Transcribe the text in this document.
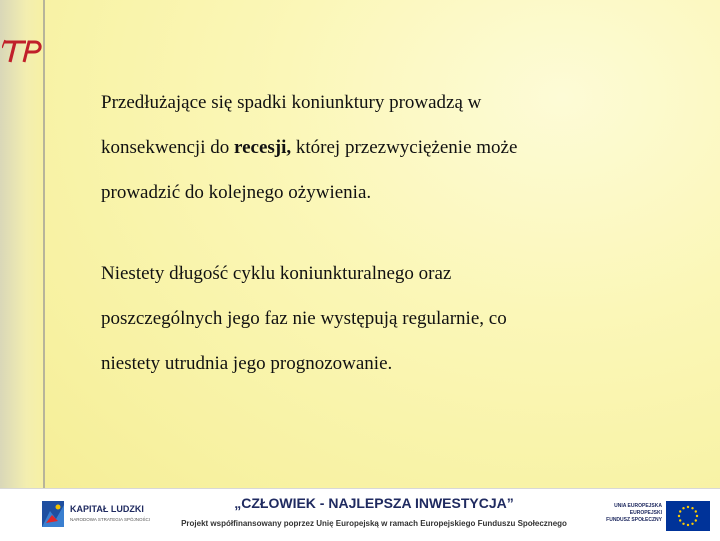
Przedłużające się spadki koniunktury prowadzą w

konsekwencji do recesji, której przezwyciężenie może

prowadzić do kolejnego ożywienia.

Niestety długość cyklu koniunkturalnego oraz

poszczególnych jego faz nie występują regularnie, co

niestety utrudnia jego prognozowanie.

KAPITAŁ LUDZKI
NARODOWA STRATEGIA SPÓJNOŚCI
„CZŁOWIEK - NAJLEPSZA INWESTYCJA”
Projekt współfinansowany poprzez Unię Europejską w ramach Europejskiego Funduszu Społecznego
UNIA EUROPEJSKA
EUROPEJSKI
FUNDUSZ SPOŁECZNY
